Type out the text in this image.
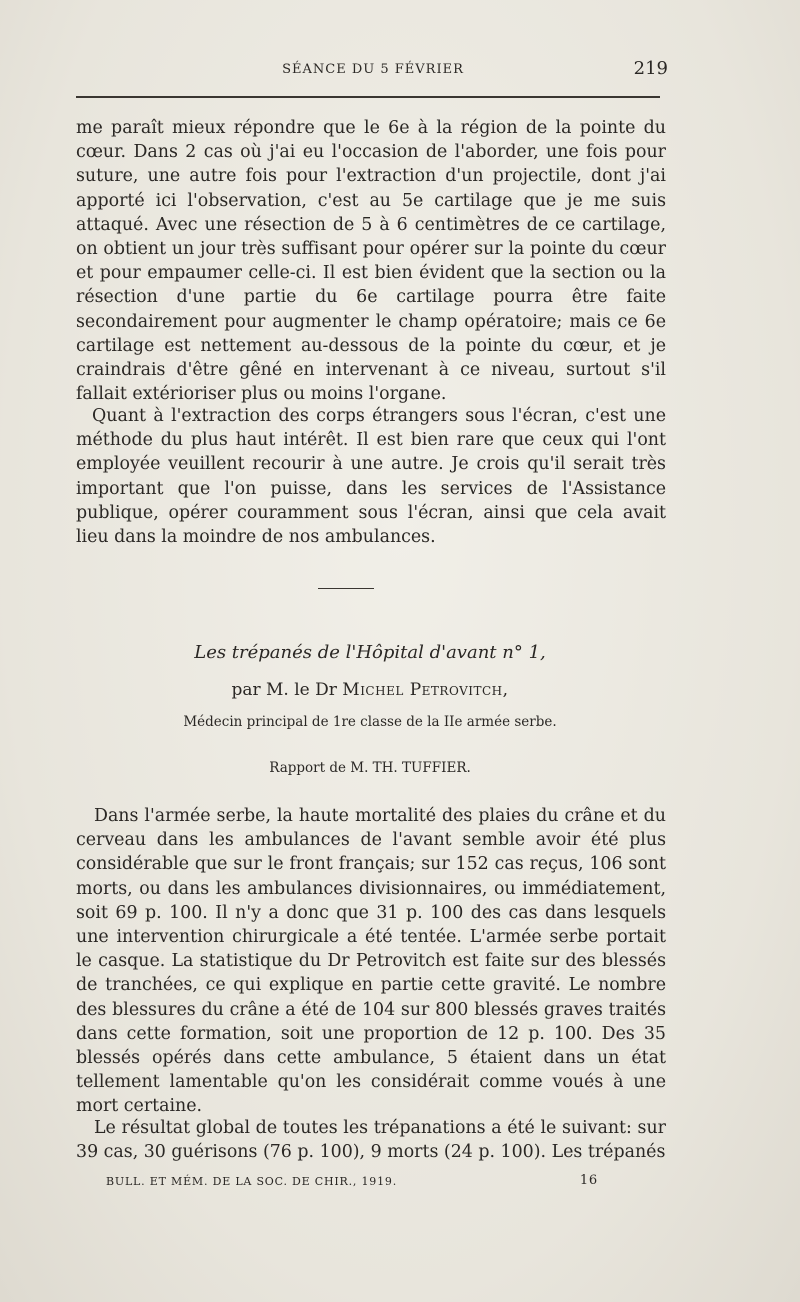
SÉANCE DU 5 FÉVRIER	219

me paraît mieux répondre que le 6e à la région de la pointe du cœur. Dans 2 cas où j'ai eu l'occasion de l'aborder, une fois pour suture, une autre fois pour l'extraction d'un projectile, dont j'ai apporté ici l'observation, c'est au 5e cartilage que je me suis attaqué. Avec une résection de 5 à 6 centimètres de ce cartilage, on obtient un jour très suffisant pour opérer sur la pointe du cœur et pour empaumer celle-ci. Il est bien évident que la section ou la résection d'une partie du 6e cartilage pourra être faite secondairement pour augmenter le champ opératoire; mais ce 6e cartilage est nettement au-dessous de la pointe du cœur, et je craindrais d'être gêné en intervenant à ce niveau, surtout s'il fallait extérioriser plus ou moins l'organe.

Quant à l'extraction des corps étrangers sous l'écran, c'est une méthode du plus haut intérêt. Il est bien rare que ceux qui l'ont employée veuillent recourir à une autre. Je crois qu'il serait très important que l'on puisse, dans les services de l'Assistance publique, opérer couramment sous l'écran, ainsi que cela avait lieu dans la moindre de nos ambulances.

Les trépanés de l'Hôpital d'avant n° 1,
par M. le Dr Michel Petrovitch,
Médecin principal de 1re classe de la IIe armée serbe.
Rapport de M. TH. TUFFIER.

Dans l'armée serbe, la haute mortalité des plaies du crâne et du cerveau dans les ambulances de l'avant semble avoir été plus considérable que sur le front français; sur 152 cas reçus, 106 sont morts, ou dans les ambulances divisionnaires, ou immédiatement, soit 69 p. 100. Il n'y a donc que 31 p. 100 des cas dans lesquels une intervention chirurgicale a été tentée. L'armée serbe portait le casque. La statistique du Dr Petrovitch est faite sur des blessés de tranchées, ce qui explique en partie cette gravité. Le nombre des blessures du crâne a été de 104 sur 800 blessés graves traités dans cette formation, soit une proportion de 12 p. 100. Des 35 blessés opérés dans cette ambulance, 5 étaient dans un état tellement lamentable qu'on les considérait comme voués à une mort certaine.

Le résultat global de toutes les trépanations a été le suivant: sur 39 cas, 30 guérisons (76 p. 100), 9 morts (24 p. 100). Les trépanés

BULL. ET MÉM. DE LA SOC. DE CHIR., 1919.	16
